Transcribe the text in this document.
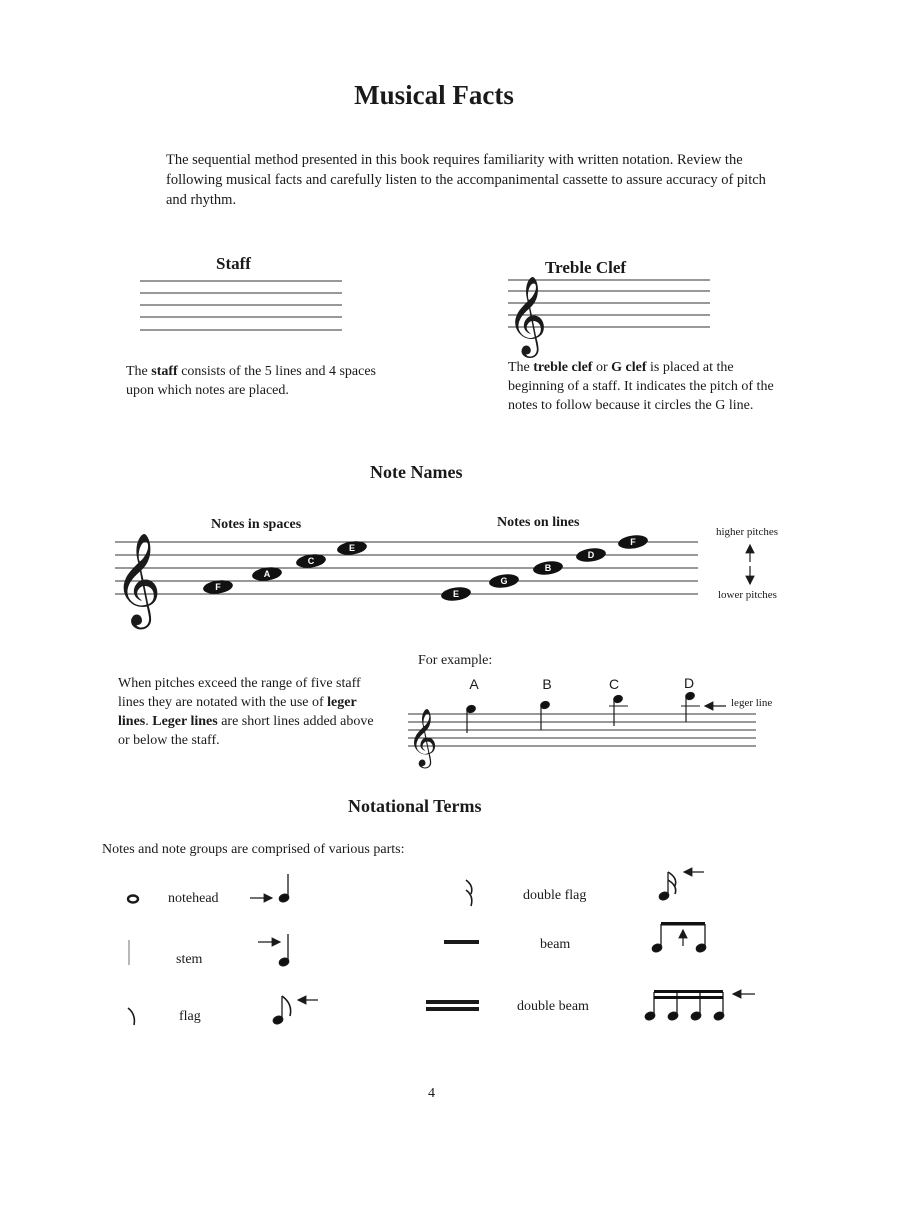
Musical Facts
The sequential method presented in this book requires familiarity with written notation. Review the following musical facts and carefully listen to the accompanimental cassette to assure accuracy of pitch and rhythm.
Staff
The staff consists of the 5 lines and 4 spaces upon which notes are placed.
Treble Clef
The treble clef or G clef is placed at the beginning of a staff. It indicates the pitch of the notes to follow because it circles the G line.
Note Names
Notes in spaces	Notes on lines
higher pitches
lower pitches
When pitches exceed the range of five staff lines they are notated with the use of leger lines. Leger lines are short lines added above or below the staff.
For example:
leger line
Notational Terms
Notes and note groups are comprised of various parts:
notehead
stem
flag
double flag
beam
double beam
4
𝄞
𝄞	F
A
C
E
E
G
B
D
F
𝄞
A	B	C	D
